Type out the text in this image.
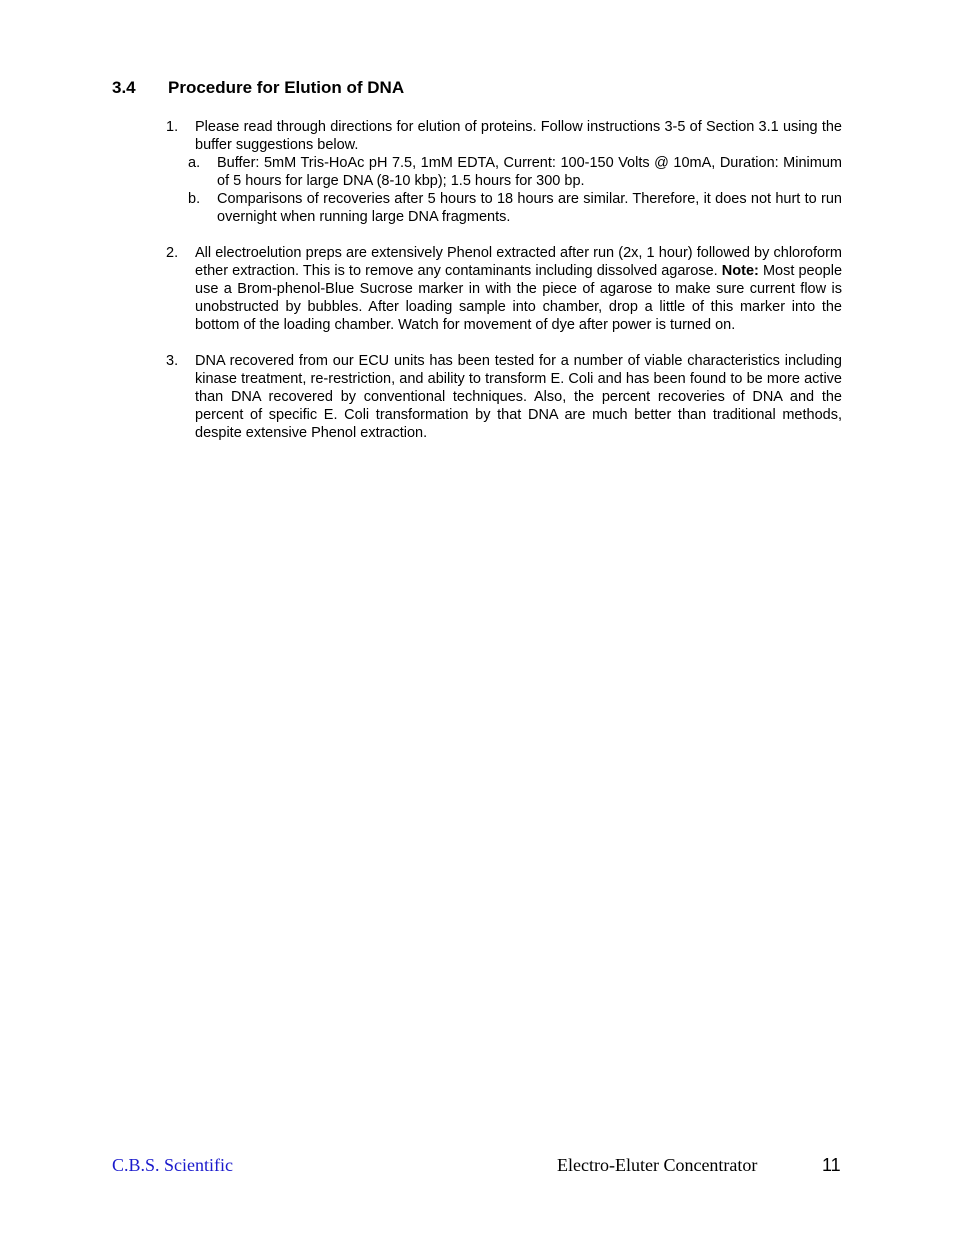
3.4 Procedure for Elution of DNA
1. Please read through directions for elution of proteins. Follow instructions 3-5 of Section 3.1 using the buffer suggestions below.
a. Buffer: 5mM Tris-HoAc pH 7.5, 1mM EDTA, Current: 100-150 Volts @ 10mA, Duration: Minimum of 5 hours for large DNA (8-10 kbp); 1.5 hours for 300 bp.
b. Comparisons of recoveries after 5 hours to 18 hours are similar. Therefore, it does not hurt to run overnight when running large DNA fragments.
2. All electroelution preps are extensively Phenol extracted after run (2x, 1 hour) followed by chloroform ether extraction. This is to remove any contaminants including dissolved agarose. Note: Most people use a Brom-phenol-Blue Sucrose marker in with the piece of agarose to make sure current flow is unobstructed by bubbles. After loading sample into chamber, drop a little of this marker into the bottom of the loading chamber. Watch for movement of dye after power is turned on.
3. DNA recovered from our ECU units has been tested for a number of viable characteristics including kinase treatment, re-restriction, and ability to transform E. Coli and has been found to be more active than DNA recovered by conventional techniques. Also, the percent recoveries of DNA and the percent of specific E. Coli transformation by that DNA are much better than traditional methods, despite extensive Phenol extraction.
C.B.S. Scientific	Electro-Eluter Concentrator	11
